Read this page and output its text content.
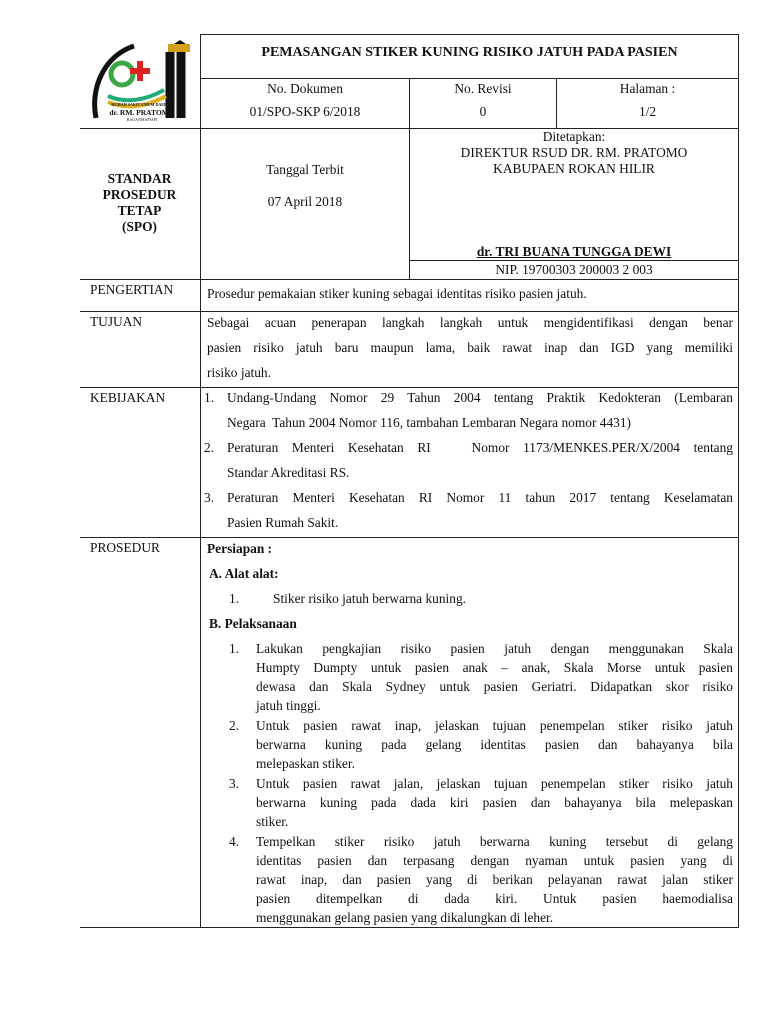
RUMAH SAKIT UMUM DAERAH
dr. RM. PRATOMO
BAGANSIAPIAPI
PEMASANGAN STIKER KUNING RISIKO JATUH PADA PASIEN
No. Dokumen
01/SPO-SKP 6/2018
No. Revisi
0
Halaman :
1/2
STANDAR
PROSEDUR
TETAP
(SPO)
Tanggal Terbit
07 April 2018
Ditetapkan:
DIREKTUR RSUD DR. RM. PRATOMO
KABUPAEN ROKAN HILIR
dr. TRI BUANA TUNGGA DEWI
NIP. 19700303 200003 2 003
PENGERTIAN	Prosedur pemakaian stiker kuning sebagai identitas risiko pasien jatuh.
TUJUAN	Sebagai acuan penerapan langkah langkah untuk mengidentifikasi dengan benar
pasien risiko jatuh baru maupun lama, baik rawat inap dan IGD yang memiliki
risiko jatuh.
KEBIJAKAN	1. Undang-Undang Nomor 29 Tahun 2004 tentang Praktik Kedokteran (Lembaran
Negara  Tahun 2004 Nomor 116, tambahan Lembaran Negara nomor 4431)
2. Peraturan Menteri Kesehatan RI   Nomor 1173/MENKES.PER/X/2004 tentang
Standar Akreditasi RS.
3. Peraturan Menteri Kesehatan RI Nomor 11 tahun 2017 tentang Keselamatan
Pasien Rumah Sakit.
PROSEDUR	Persiapan :
A. Alat alat:
1.	Stiker risiko jatuh berwarna kuning.
B. Pelaksanaan
1. Lakukan pengkajian risiko pasien jatuh dengan menggunakan Skala
Humpty Dumpty untuk pasien anak – anak, Skala Morse untuk pasien
dewasa dan Skala Sydney untuk pasien Geriatri. Didapatkan skor risiko
jatuh tinggi.
2. Untuk pasien rawat inap, jelaskan tujuan penempelan stiker risiko jatuh
berwarna kuning pada gelang identitas pasien dan bahayanya bila
melepaskan stiker.
3. Untuk pasien rawat jalan, jelaskan tujuan penempelan stiker risiko jatuh
berwarna kuning pada dada kiri pasien dan bahayanya bila melepaskan
stiker.
4. Tempelkan stiker risiko jatuh berwarna kuning tersebut di gelang
identitas pasien dan terpasang dengan nyaman untuk pasien yang di
rawat inap, dan pasien yang di berikan pelayanan rawat jalan stiker
pasien ditempelkan di dada kiri. Untuk pasien haemodialisa
menggunakan gelang pasien yang dikalungkan di leher.
